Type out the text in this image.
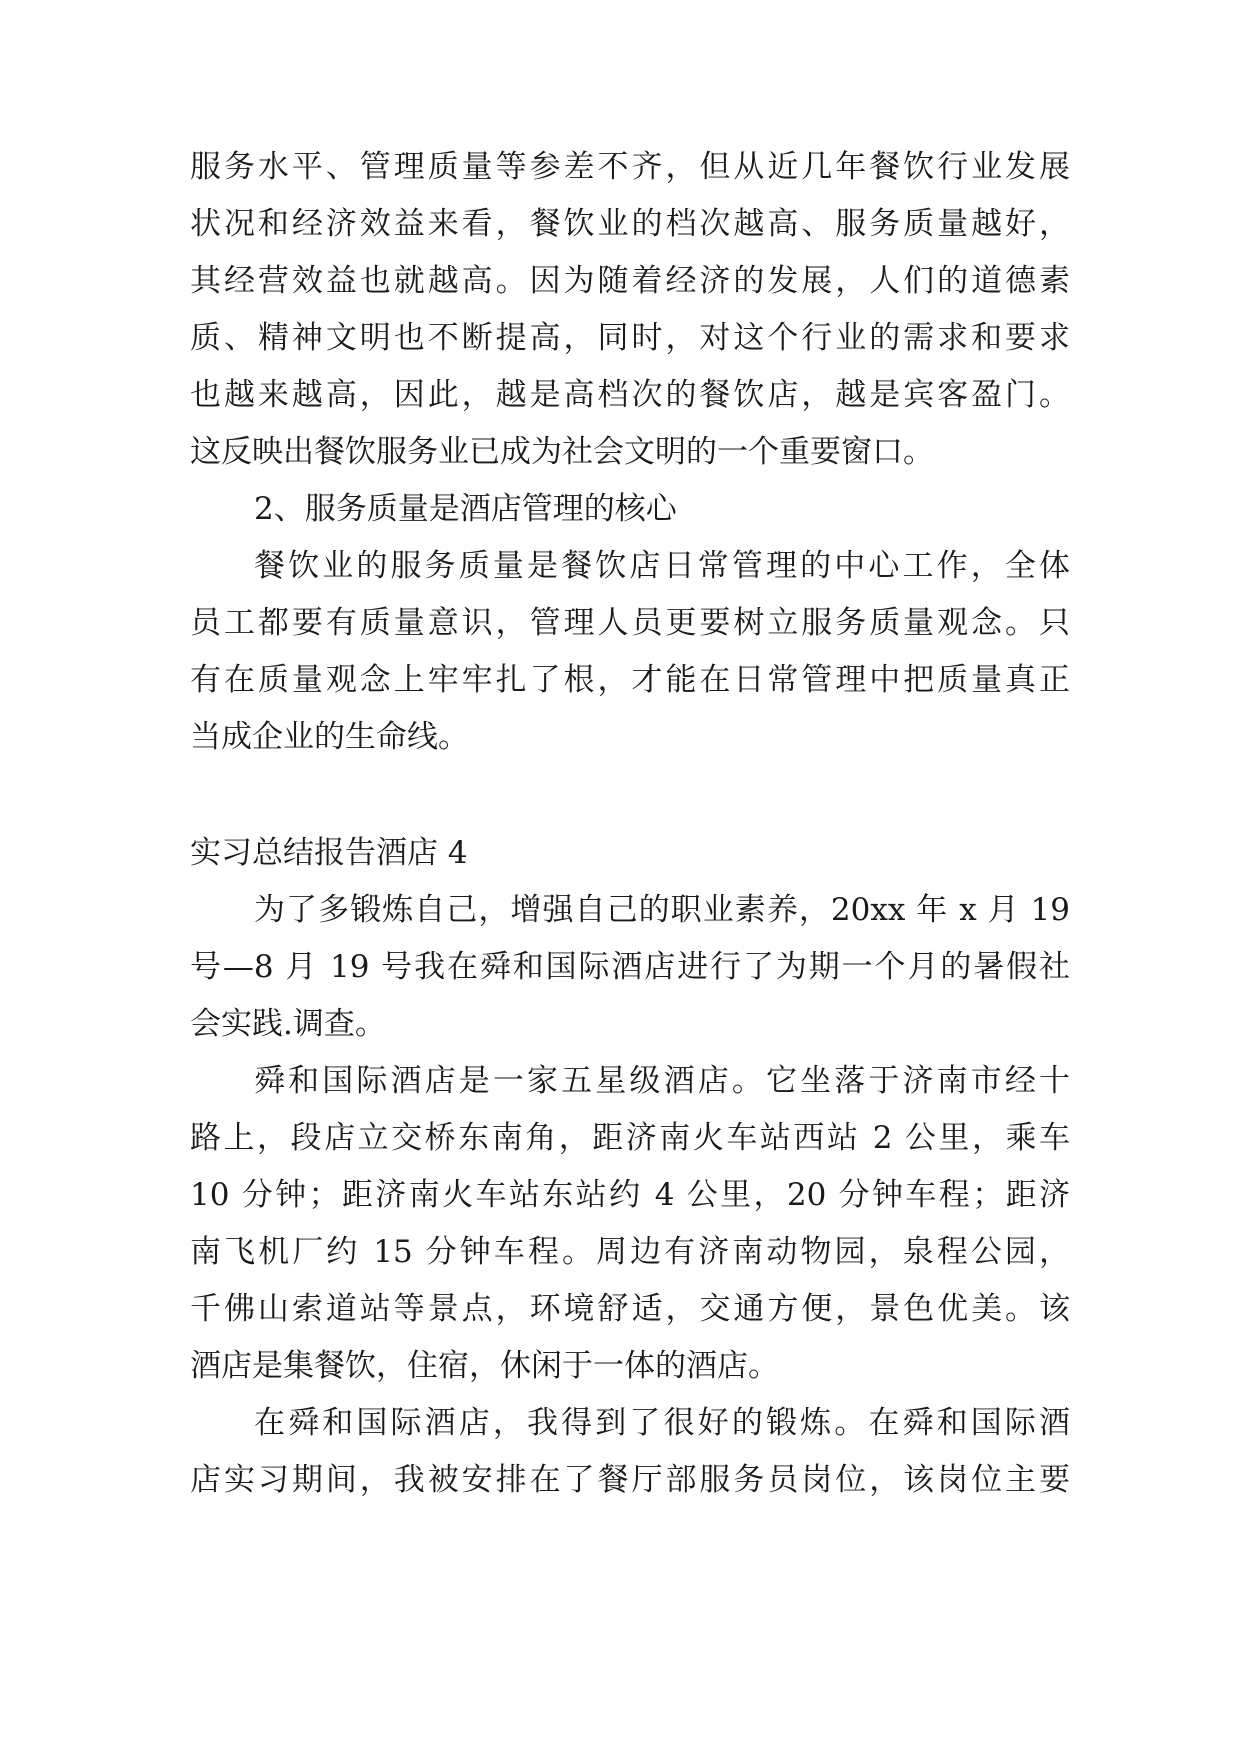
服务水平、管理质量等参差不齐，但从近几年餐饮行业发展

状况和经济效益来看，餐饮业的档次越高、服务质量越好，

其经营效益也就越高。因为随着经济的发展，人们的道德素

质、精神文明也不断提高，同时，对这个行业的需求和要求

也越来越高，因此，越是高档次的餐饮店，越是宾客盈门。

这反映出餐饮服务业已成为社会文明的一个重要窗口。

2、服务质量是酒店管理的核心

餐饮业的服务质量是餐饮店日常管理的中心工作，全体

员工都要有质量意识，管理人员更要树立服务质量观念。只

有在质量观念上牢牢扎了根，才能在日常管理中把质量真正

当成企业的生命线。

实习总结报告酒店 4

为了多锻炼自己，增强自己的职业素养，20xx 年 x 月 19

号—8 月 19 号我在舜和国际酒店进行了为期一个月的暑假社

会实践.调查。

舜和国际酒店是一家五星级酒店。它坐落于济南市经十

路上，段店立交桥东南角，距济南火车站西站 2 公里，乘车

10 分钟；距济南火车站东站约 4 公里，20 分钟车程；距济

南飞机厂约 15 分钟车程。周边有济南动物园，泉程公园，

千佛山索道站等景点，环境舒适，交通方便，景色优美。该

酒店是集餐饮，住宿，休闲于一体的酒店。

在舜和国际酒店，我得到了很好的锻炼。在舜和国际酒

店实习期间，我被安排在了餐厅部服务员岗位，该岗位主要
